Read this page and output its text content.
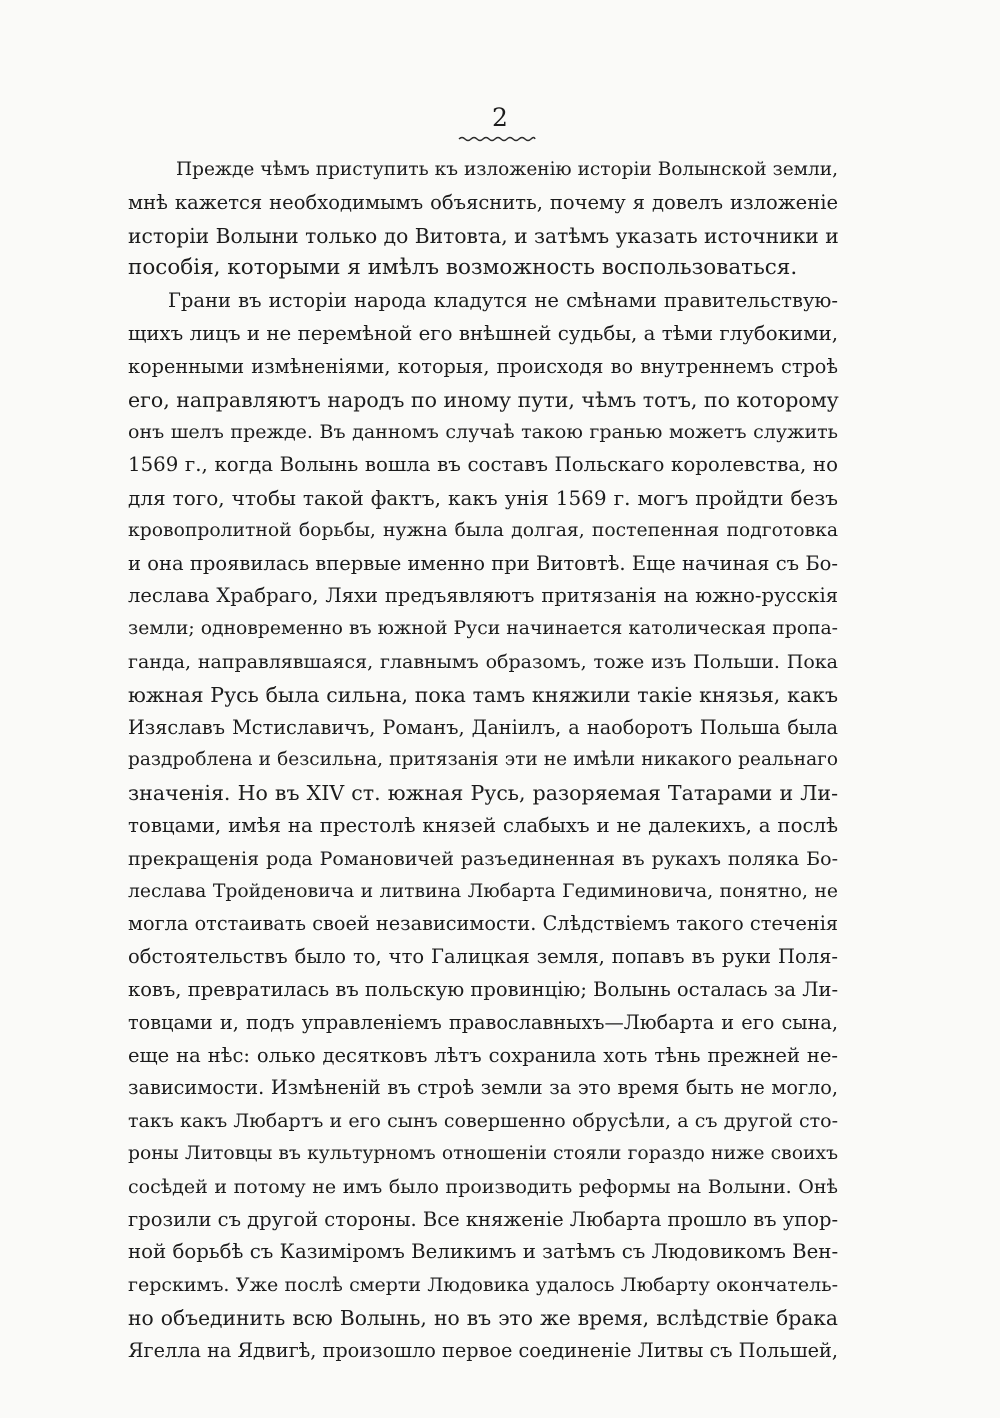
2
Прежде чѣмъ приступить къ изложенію исторіи Волынской земли,
мнѣ кажется необходимымъ объяснить, почему я довелъ изложеніе
исторіи Волыни только до Витовта, и затѣмъ указать источники и
пособія, которыми я имѣлъ возможность воспользоваться.
Грани въ исторіи народа кладутся не смѣнами правительствую-
щихъ лицъ и не перемѣной его внѣшней судьбы, а тѣми глубокими,
коренными измѣненіями, которыя, происходя во внутреннемъ строѣ
его, направляютъ народъ по иному пути, чѣмъ тотъ, по которому
онъ шелъ прежде. Въ данномъ случаѣ такою гранью можетъ служить
1569 г., когда Волынь вошла въ составъ Польскаго королевства, но
для того, чтобы такой фактъ, какъ унія 1569 г. могъ пройдти безъ
кровопролитной борьбы, нужна была долгая, постепенная подготовка
и она проявилась впервые именно при Витовтѣ. Еще начиная съ Бо-
леслава Храбраго, Ляхи предъявляютъ притязанія на южно-русскія
земли; одновременно въ южной Руси начинается католическая пропа-
ганда, направлявшаяся, главнымъ образомъ, тоже изъ Польши. Пока
южная Русь была сильна, пока тамъ княжили такіе князья, какъ
Изяславъ Мстиславичъ, Романъ, Даніилъ, а наоборотъ Польша была
раздроблена и безсильна, притязанія эти не имѣли никакого реальнаго
значенія. Но въ XIV ст. южная Русь, разоряемая Татарами и Ли-
товцами, имѣя на престолѣ князей слабыхъ и не далекихъ, а послѣ
прекращенія рода Романовичей разъединенная въ рукахъ поляка Бо-
леслава Тройденовича и литвина Любарта Гедиминовича, понятно, не
могла отстаивать своей независимости. Слѣдствіемъ такого стеченія
обстоятельствъ было то, что Галицкая земля, попавъ въ руки Поля-
ковъ, превратилась въ польскую провинцію; Волынь осталась за Ли-
товцами и, подъ управленіемъ православныхъ—Любарта и его сына,
еще на нѣс: олько десятковъ лѣтъ сохранила хоть тѣнь прежней не-
зависимости. Измѣненій въ строѣ земли за это время быть не могло,
такъ какъ Любартъ и его сынъ совершенно обрусѣли, а съ другой сто-
роны Литовцы въ культурномъ отношеніи стояли гораздо ниже своихъ
сосѣдей и потому не имъ было производить реформы на Волыни. Онѣ
грозили съ другой стороны. Все княженіе Любарта прошло въ упор-
ной борьбѣ съ Казиміромъ Великимъ и затѣмъ съ Людовикомъ Вен-
герскимъ. Уже послѣ смерти Людовика удалось Любарту окончатель-
но объединить всю Волынь, но въ это же время, вслѣдствіе брака
Ягелла на Ядвигѣ, произошло первое соединеніе Литвы съ Польшей,
